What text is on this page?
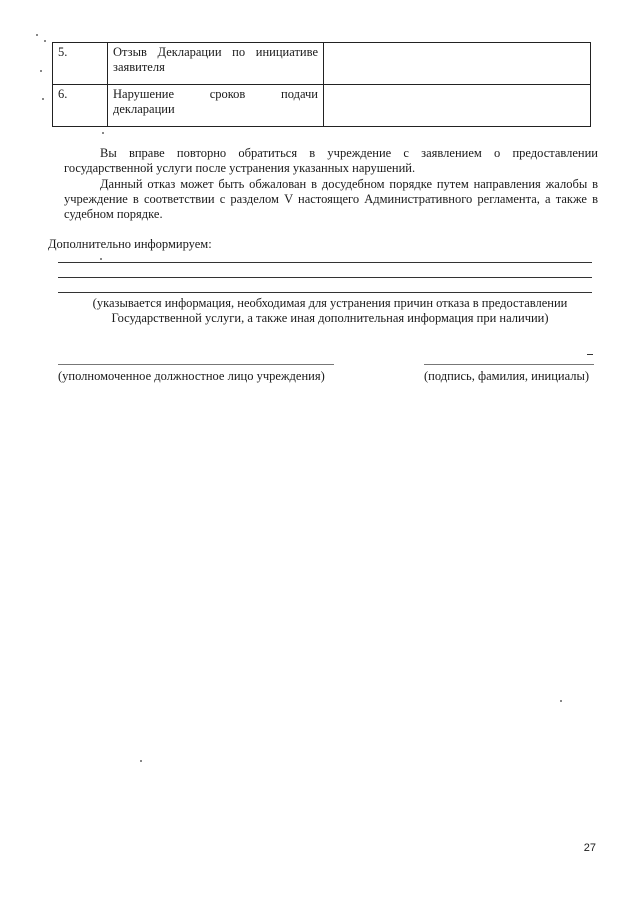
5.	Отзыв Декларации по инициативе
заявителя	

6.	Нарушение сроков подачи
декларации	

Вы вправе повторно обратиться в учреждение с заявлением о предоставлении государственной услуги после устранения указанных нарушений.

Данный отказ может быть обжалован в досудебном порядке путем направления жалобы в учреждение в соответствии с разделом V настоящего Административного регламента, а также в судебном порядке.

Дополнительно информируем:
(указывается информация, необходимая для устранения причин отказа в предоставлении
Государственной услуги, а также иная дополнительная информация при наличии)
(уполномоченное должностное лицо учреждения)	(подпись, фамилия, инициалы)
27
